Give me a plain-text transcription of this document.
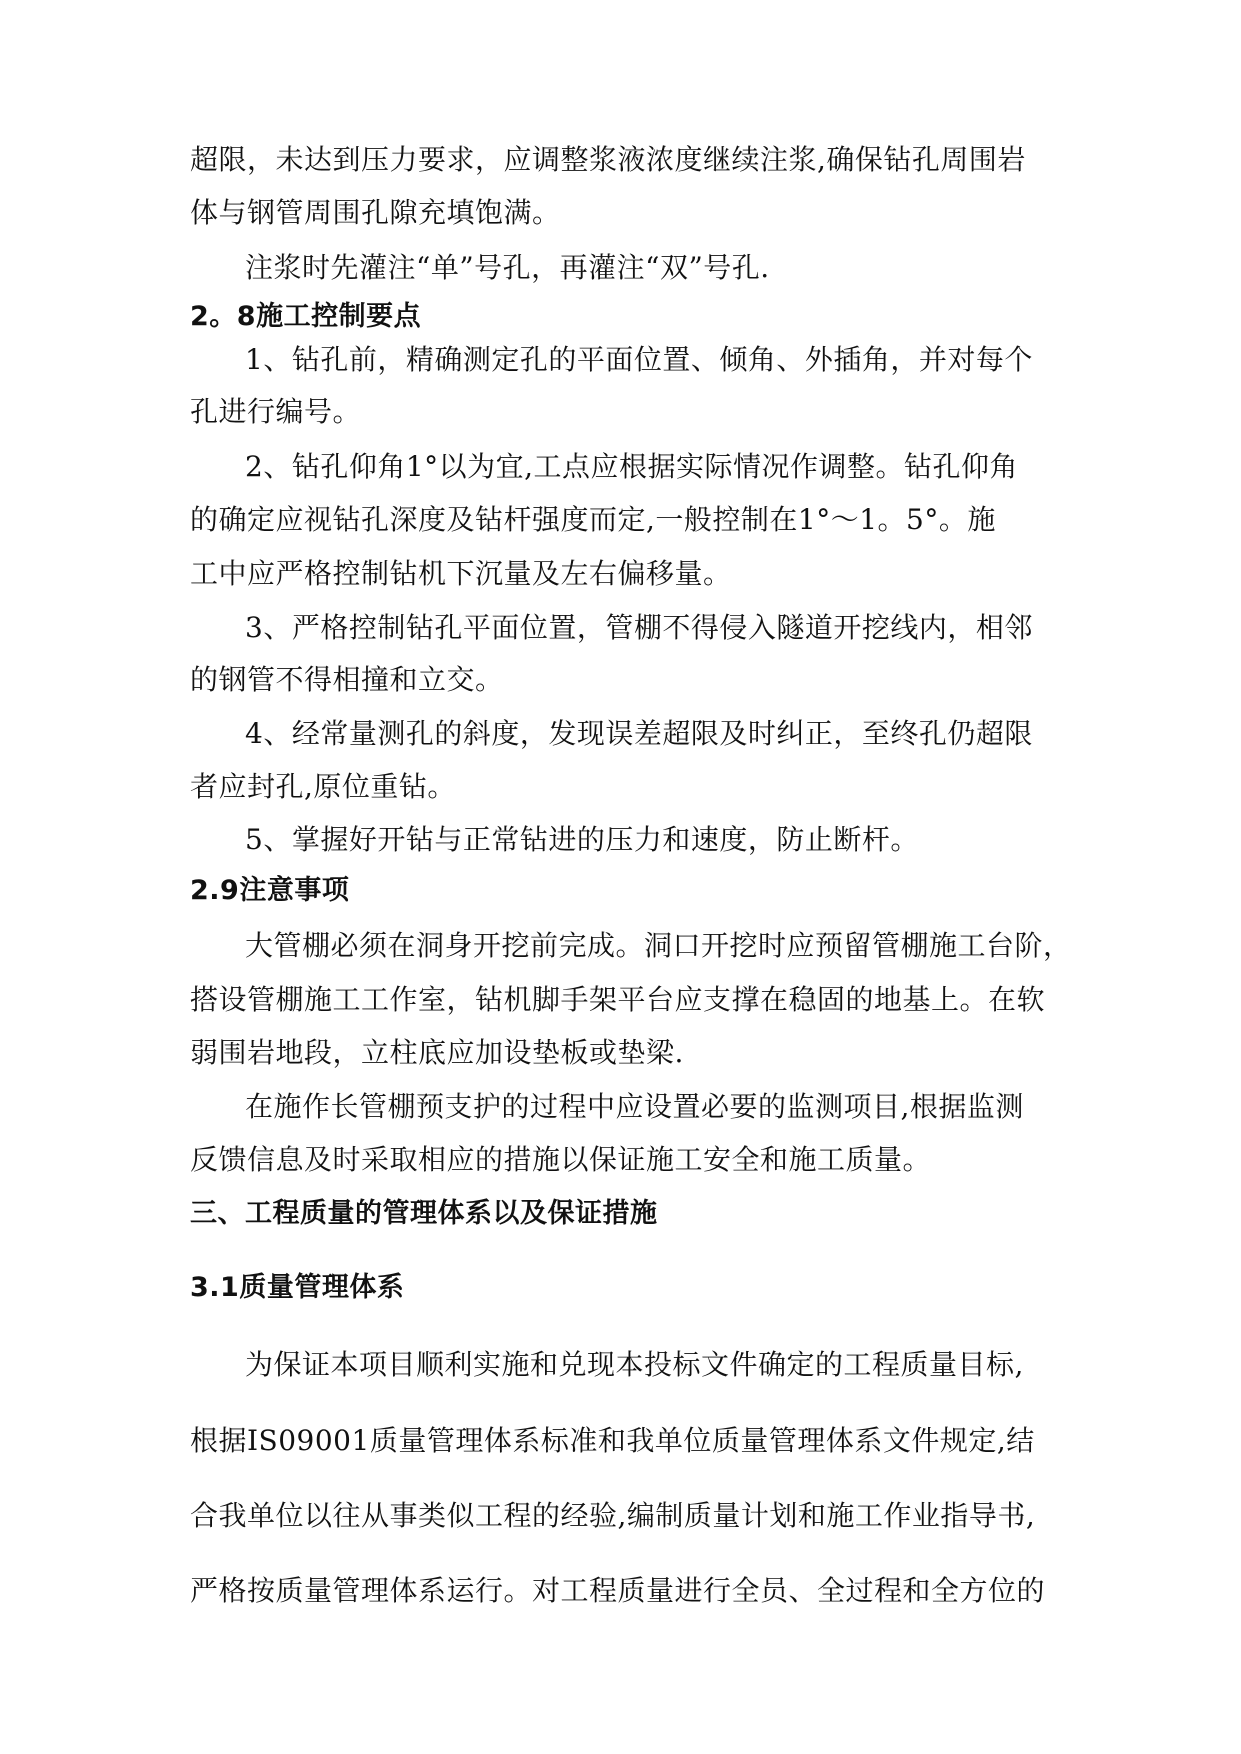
超限，未达到压力要求，应调整浆液浓度继续注浆,确保钻孔周围岩
体与钢管周围孔隙充填饱满。
注浆时先灌注“单”号孔，再灌注“双”号孔.
2。8施工控制要点
1、钻孔前，精确测定孔的平面位置、倾角、外插角，并对每个
孔进行编号。
2、钻孔仰角1°以为宜,工点应根据实际情况作调整。钻孔仰角
的确定应视钻孔深度及钻杆强度而定,一般控制在1°～1。5°。施
工中应严格控制钻机下沉量及左右偏移量。
3、严格控制钻孔平面位置，管棚不得侵入隧道开挖线内，相邻
的钢管不得相撞和立交。
4、经常量测孔的斜度，发现误差超限及时纠正，至终孔仍超限
者应封孔,原位重钻。
5、掌握好开钻与正常钻进的压力和速度，防止断杆。
2.9注意事项
大管棚必须在洞身开挖前完成。洞口开挖时应预留管棚施工台阶，
搭设管棚施工工作室，钻机脚手架平台应支撑在稳固的地基上。在软
弱围岩地段，立柱底应加设垫板或垫梁.
在施作长管棚预支护的过程中应设置必要的监测项目,根据监测
反馈信息及时采取相应的措施以保证施工安全和施工质量。
三、工程质量的管理体系以及保证措施
3.1质量管理体系
为保证本项目顺利实施和兑现本投标文件确定的工程质量目标,
根据IS09001质量管理体系标准和我单位质量管理体系文件规定,结
合我单位以往从事类似工程的经验,编制质量计划和施工作业指导书,
严格按质量管理体系运行。对工程质量进行全员、全过程和全方位的
